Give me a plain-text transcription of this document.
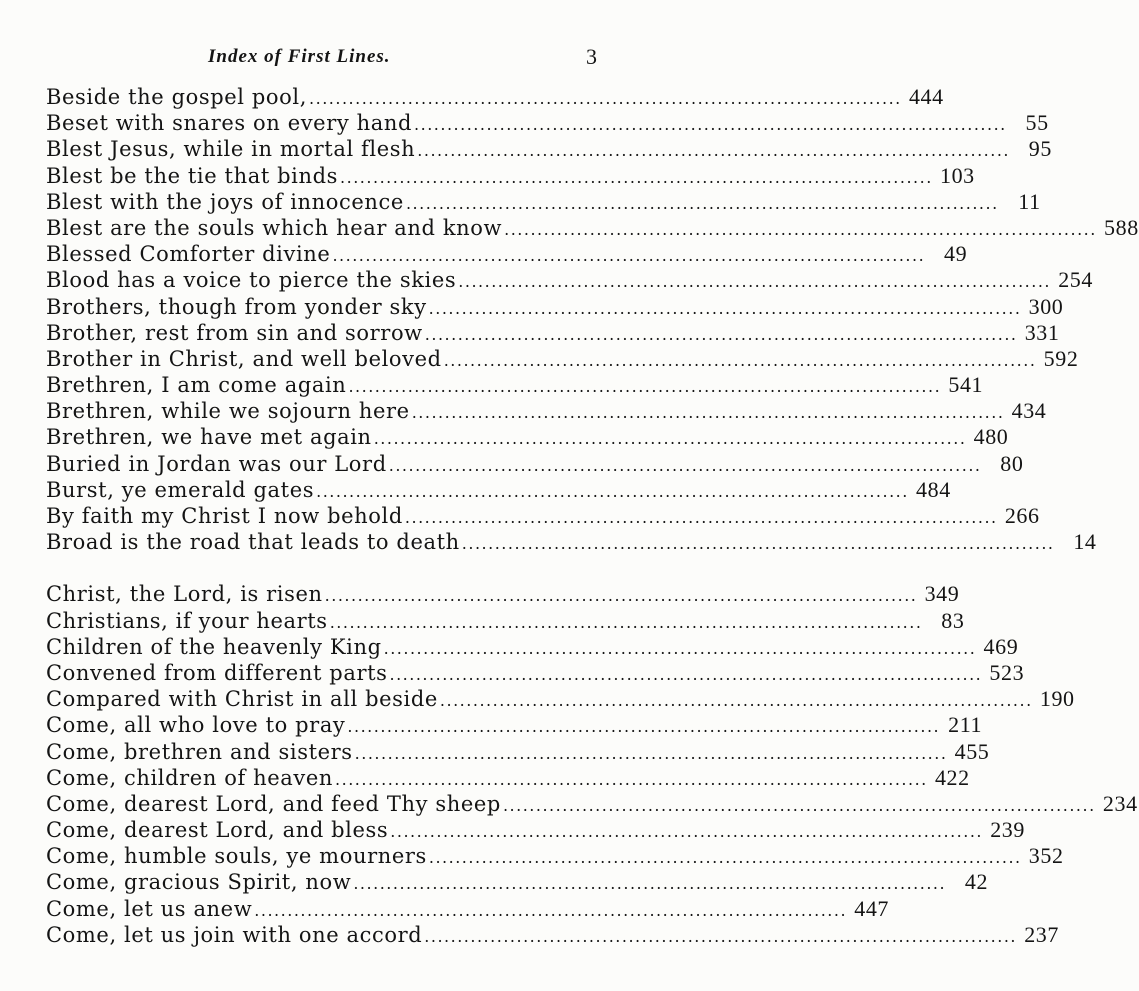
Index of First Lines.	3
Beside the gospel pool, .....	444
Beset with snares on every hand .....	55
Blest Jesus, while in mortal flesh .....	95
Blest be the tie that binds .....	103
Blest with the joys of innocence .....	11
Blest are the souls which hear and know .....	588
Blessed Comforter divine .....	49
Blood has a voice to pierce the skies .....	254
Brothers, though from yonder sky .....	300
Brother, rest from sin and sorrow .....	331
Brother in Christ, and well beloved .....	592
Brethren, I am come again .....	541
Brethren, while we sojourn here .....	434
Brethren, we have met again .....	480
Buried in Jordan was our Lord .....	80
Burst, ye emerald gates .....	484
By faith my Christ I now behold .....	266
Broad is the road that leads to death .....	14
Christ, the Lord, is risen .....	349
Christians, if your hearts .....	83
Children of the heavenly King .....	469
Convened from different parts .....	523
Compared with Christ in all beside .....	190
Come, all who love to pray .....	211
Come, brethren and sisters .....	455
Come, children of heaven .....	422
Come, dearest Lord, and feed Thy sheep .....	234
Come, dearest Lord, and bless .....	239
Come, humble souls, ye mourners .....	352
Come, gracious Spirit, now .....	42
Come, let us anew .....	447
Come, let us join with one accord .....	237
